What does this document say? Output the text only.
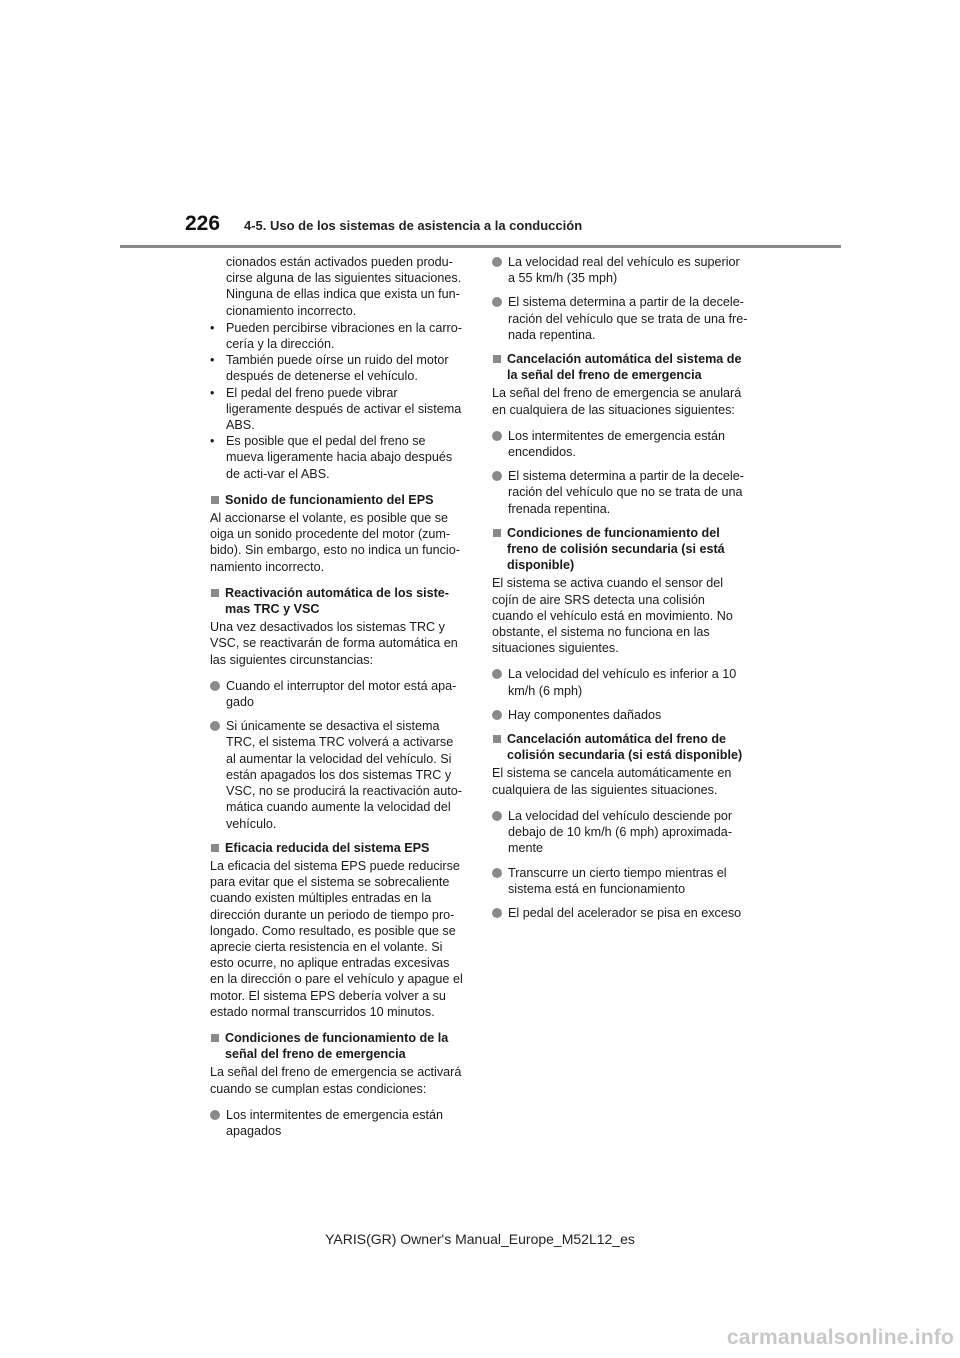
226 4-5. Uso de los sistemas de asistencia a la conducción

cionados están activados pueden produ-cirse alguna de las siguientes situaciones. Ninguna de ellas indica que exista un fun-cionamiento incorrecto.

• Pueden percibirse vibraciones en la carro-cería y la dirección.
• También puede oírse un ruido del motor después de detenerse el vehículo.
• El pedal del freno puede vibrar ligeramente después de activar el sistema ABS.
• Es posible que el pedal del freno se mueva ligeramente hacia abajo después de acti-var el ABS.
Sonido de funcionamiento del EPS

Al accionarse el volante, es posible que se oiga un sonido procedente del motor (zum-bido). Sin embargo, esto no indica un funcio-namiento incorrecto.

Reactivación automática de los siste-mas TRC y VSC

Una vez desactivados los sistemas TRC y VSC, se reactivarán de forma automática en las siguientes circunstancias:

Cuando el interruptor del motor está apa-gado
Si únicamente se desactiva el sistema TRC, el sistema TRC volverá a activarse al aumentar la velocidad del vehículo. Si están apagados los dos sistemas TRC y VSC, no se producirá la reactivación auto-mática cuando aumente la velocidad del vehículo.
Eficacia reducida del sistema EPS

La eficacia del sistema EPS puede reducirse para evitar que el sistema se sobrecaliente cuando existen múltiples entradas en la dirección durante un periodo de tiempo pro-longado. Como resultado, es posible que se aprecie cierta resistencia en el volante. Si esto ocurre, no aplique entradas excesivas en la dirección o pare el vehículo y apague el motor. El sistema EPS debería volver a su estado normal transcurridos 10 minutos.

Condiciones de funcionamiento de la señal del freno de emergencia

La señal del freno de emergencia se activará cuando se cumplan estas condiciones:

Los intermitentes de emergencia están apagados
La velocidad real del vehículo es superior a 55 km/h (35 mph)
El sistema determina a partir de la decele-ración del vehículo que se trata de una fre-nada repentina.
Cancelación automática del sistema de la señal del freno de emergencia

La señal del freno de emergencia se anulará en cualquiera de las situaciones siguientes:

Los intermitentes de emergencia están encendidos.
El sistema determina a partir de la decele-ración del vehículo que no se trata de una frenada repentina.
Condiciones de funcionamiento del freno de colisión secundaria (si está disponible)

El sistema se activa cuando el sensor del cojín de aire SRS detecta una colisión cuando el vehículo está en movimiento. No obstante, el sistema no funciona en las situaciones siguientes.

La velocidad del vehículo es inferior a 10 km/h (6 mph)
Hay componentes dañados
Cancelación automática del freno de colisión secundaria (si está disponible)

El sistema se cancela automáticamente en cualquiera de las siguientes situaciones.

La velocidad del vehículo desciende por debajo de 10 km/h (6 mph) aproximada-mente
Transcurre un cierto tiempo mientras el sistema está en funcionamiento
El pedal del acelerador se pisa en exceso
YARIS(GR) Owner's Manual_Europe_M52L12_es
carmanualsonline.info
